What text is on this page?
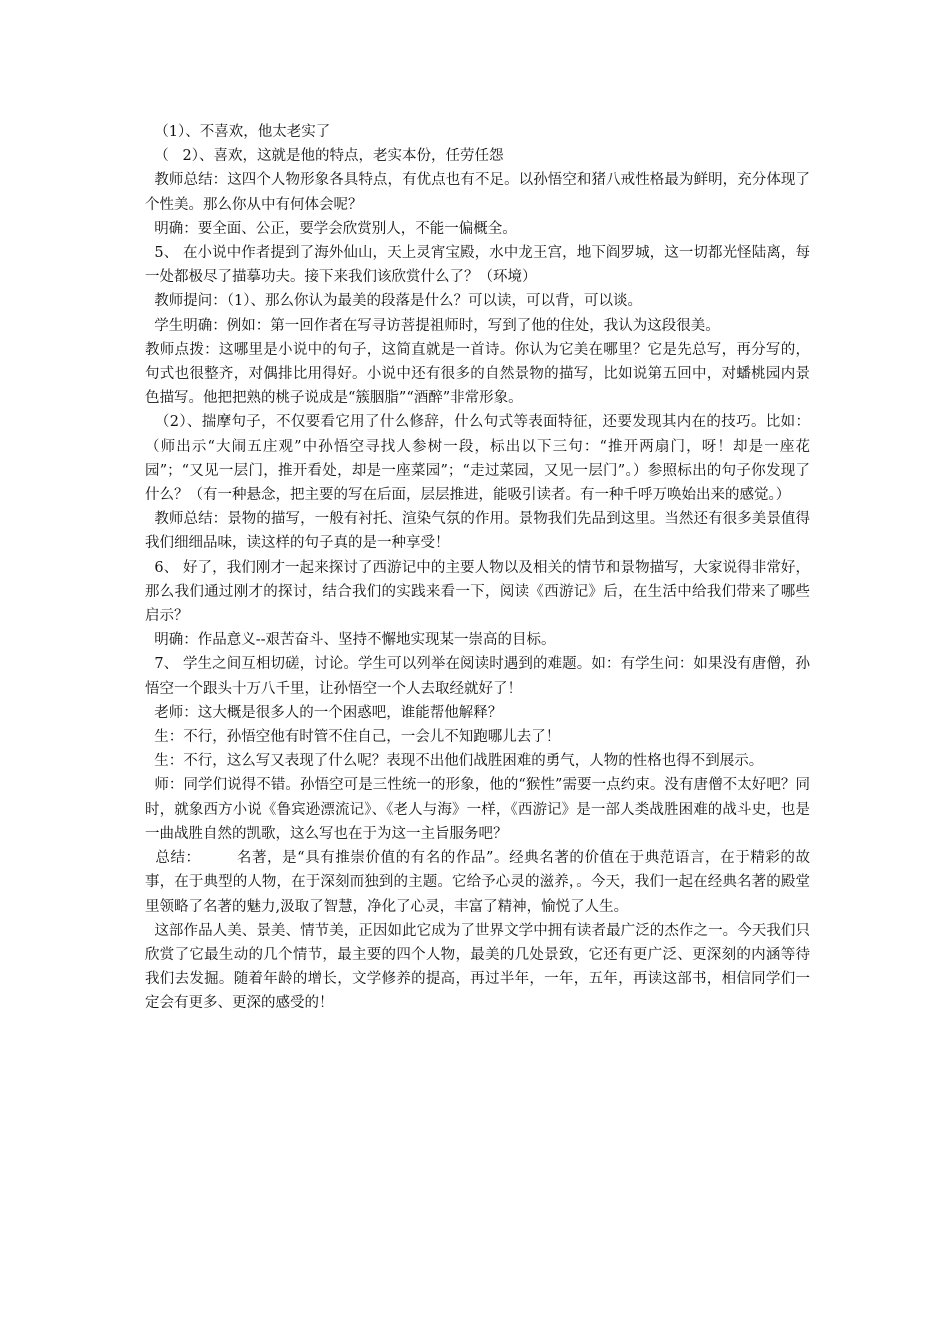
（1）、不喜欢，他太老实了

（   2）、喜欢，这就是他的特点，老实本份，任劳任怨

教师总结：这四个人物形象各具特点，有优点也有不足。以孙悟空和猪八戒性格最为鲜明，充分体现了个性美。那么你从中有何体会呢？

明确：要全面、公正，要学会欣赏别人，不能一偏概全。

5、 在小说中作者提到了海外仙山，天上灵宵宝殿，水中龙王宫，地下阎罗城，这一切都光怪陆离，每一处都极尽了描摹功夫。接下来我们该欣赏什么了？（环境）

教师提问：（1）、那么你认为最美的段落是什么？可以读，可以背，可以谈。

学生明确：例如：第一回作者在写寻访菩提祖师时，写到了他的住处，我认为这段很美。

教师点拨：这哪里是小说中的句子，这简直就是一首诗。你认为它美在哪里？它是先总写，再分写的，句式也很整齐，对偶排比用得好。小说中还有很多的自然景物的描写，比如说第五回中，对蟠桃园内景色描写。他把把熟的桃子说成是“簇胭脂”“酒醉”非常形象。

（2）、揣摩句子，不仅要看它用了什么修辞，什么句式等表面特征，还要发现其内在的技巧。比如：（师出示“大闹五庄观”中孙悟空寻找人参树一段，标出以下三句：“推开两扇门，呀！却是一座花园”；“又见一层门，推开看处，却是一座菜园”；“走过菜园，又见一层门”。）参照标出的句子你发现了什么？（有一种悬念，把主要的写在后面，层层推进，能吸引读者。有一种千呼万唤始出来的感觉。）

教师总结：景物的描写，一般有衬托、渲染气氛的作用。景物我们先品到这里。当然还有很多美景值得我们细细品味，读这样的句子真的是一种享受！

6、 好了，我们刚才一起来探讨了西游记中的主要人物以及相关的情节和景物描写，大家说得非常好，那么我们通过刚才的探讨，结合我们的实践来看一下，阅读《西游记》后，在生活中给我们带来了哪些启示？

明确：作品意义--艰苦奋斗、坚持不懈地实现某一崇高的目标。

7、 学生之间互相切磋，讨论。学生可以列举在阅读时遇到的难题。如：有学生问：如果没有唐僧，孙悟空一个跟头十万八千里，让孙悟空一个人去取经就好了！

老师：这大概是很多人的一个困惑吧，谁能帮他解释？

生：不行，孙悟空他有时管不住自己，一会儿不知跑哪儿去了！

生：不行，这么写又表现了什么呢？表现不出他们战胜困难的勇气，人物的性格也得不到展示。

师：同学们说得不错。孙悟空可是三性统一的形象，他的“猴性”需要一点约束。没有唐僧不太好吧？同时，就象西方小说《鲁宾逊漂流记》、《老人与海》一样，《西游记》是一部人类战胜困难的战斗史，也是一曲战胜自然的凯歌，这么写也在于为这一主旨服务吧？

总结：       名著，是“具有推崇价值的有名的作品”。经典名著的价值在于典范语言，在于精彩的故事，在于典型的人物，在于深刻而独到的主题。它给予心灵的滋养，。今天，我们一起在经典名著的殿堂里领略了名著的魅力,汲取了智慧，净化了心灵，丰富了精神，愉悦了人生。

这部作品人美、景美、情节美，正因如此它成为了世界文学中拥有读者最广泛的杰作之一。今天我们只欣赏了它最生动的几个情节，最主要的四个人物，最美的几处景致，它还有更广泛、更深刻的内涵等待我们去发掘。随着年龄的增长，文学修养的提高，再过半年，一年，五年，再读这部书，相信同学们一定会有更多、更深的感受的！
